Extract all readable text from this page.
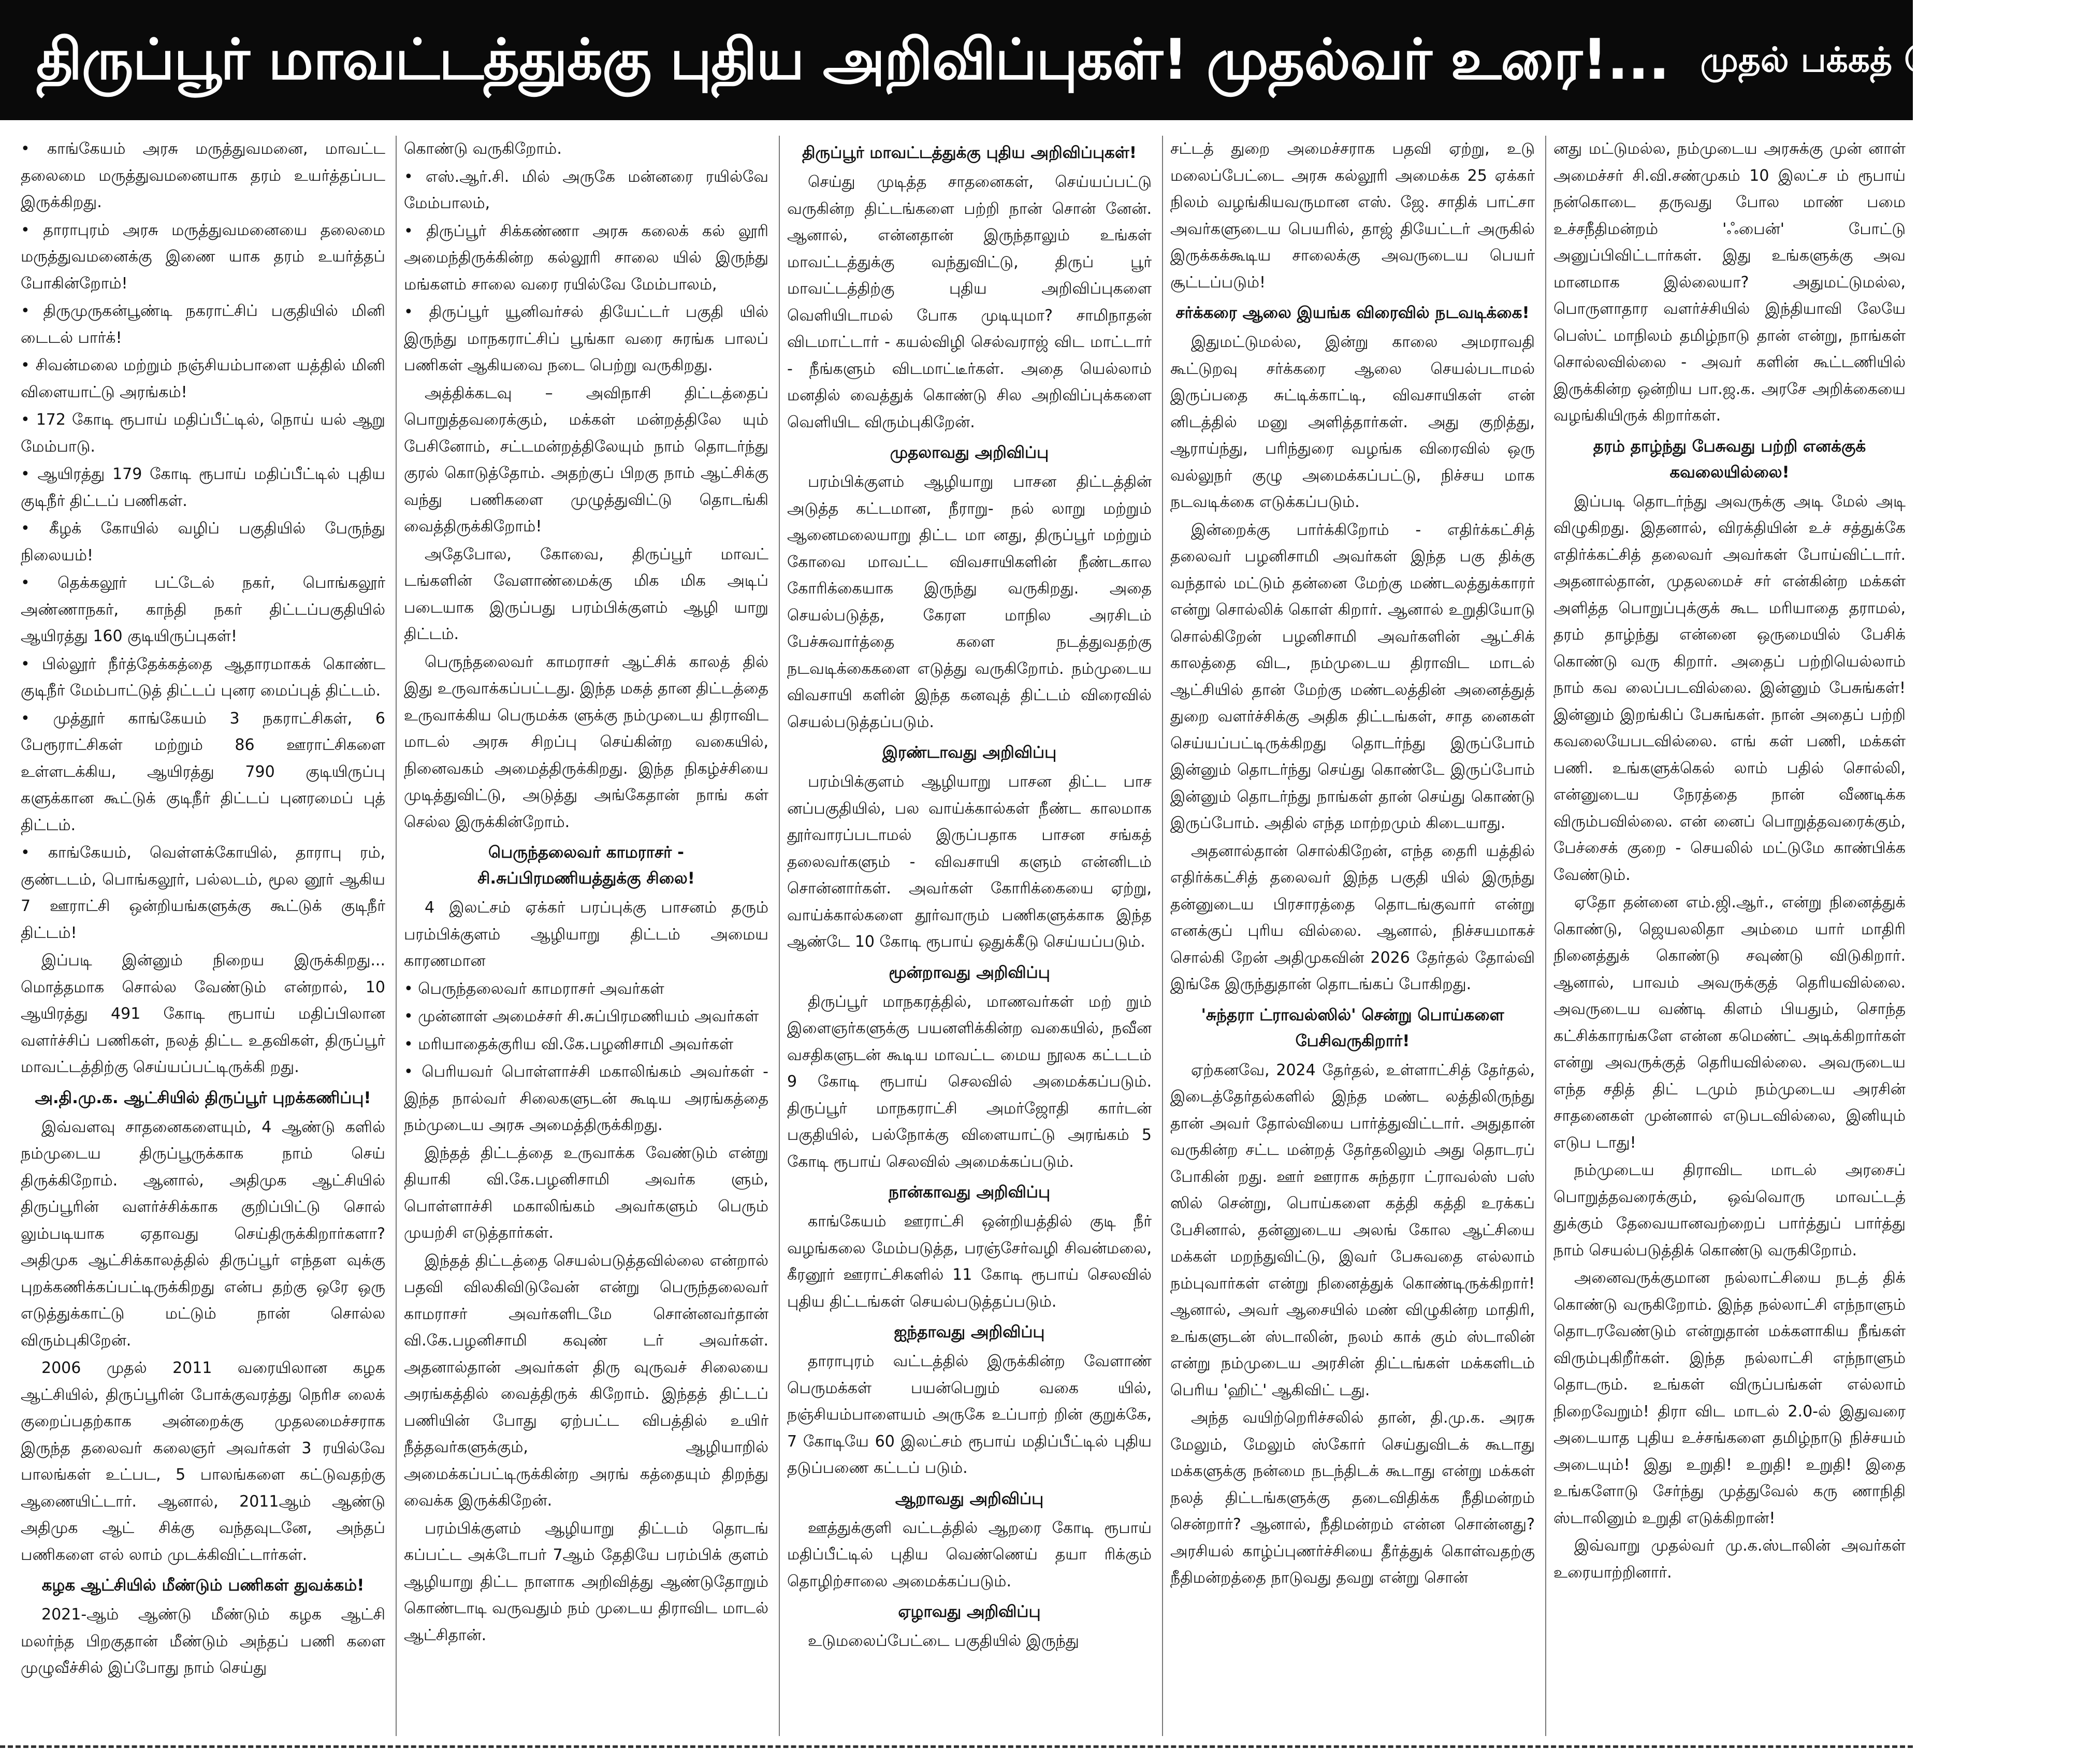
திருப்பூர் மாவட்டத்துக்கு புதிய அறிவிப்புகள்! முதல்வர் உரை!... முதல் பக்கத் தொடர்ச்சி!

• காங்கேயம் அரசு மருத்துவமனை, மாவட்ட தலைமை மருத்துவமனையாக தரம் உயர்த்தப்பட இருக்கிறது.

• தாராபுரம் அரசு மருத்துவமனையை தலைமை மருத்துவமனைக்கு இணை யாக தரம் உயர்த்தப் போகின்றோம்!

• திருமுருகன்பூண்டி நகராட்சிப் பகுதியில் மினி டைடல் பார்க்!

• சிவன்மலை மற்றும் நஞ்சியம்பாளை யத்தில் மினி விளையாட்டு அரங்கம்!

• 172 கோடி ரூபாய் மதிப்பீட்டில், நொய் யல் ஆறு மேம்பாடு.

• ஆயிரத்து 179 கோடி ரூபாய் மதிப்பீட்டில் புதிய குடிநீர் திட்டப் பணிகள்.

• கீழக் கோயில் வழிப் பகுதியில் பேருந்து நிலையம்!

• தெக்கலூர் பட்டேல் நகர், பொங்கலூர் அண்ணாநகர், காந்தி நகர் திட்டப்பகுதியில் ஆயிரத்து 160 குடியிருப்புகள்!

• பில்லூர் நீர்த்தேக்கத்தை ஆதாரமாகக் கொண்ட குடிநீர் மேம்பாட்டுத் திட்டப் புனர மைப்புத் திட்டம்.

• முத்தூர் காங்கேயம் 3 நகராட்சிகள், 6 பேரூராட்சிகள் மற்றும் 86 ஊராட்சிகளை உள்ளடக்கிய, ஆயிரத்து 790 குடியிருப்பு களுக்கான கூட்டுக் குடிநீர் திட்டப் புனரமைப் புத் திட்டம்.

• காங்கேயம், வெள்ளக்கோயில், தாராபு ரம், குண்டடம், பொங்கலூர், பல்லடம், மூல னூர் ஆகிய 7 ஊராட்சி ஒன்றியங்களுக்கு கூட்டுக் குடிநீர் திட்டம்!

இப்படி இன்னும் நிறைய இருக்கிறது... மொத்தமாக சொல்ல வேண்டும் என்றால், 10 ஆயிரத்து 491 கோடி ரூபாய் மதிப்பிலான வளர்ச்சிப் பணிகள், நலத் திட்ட உதவிகள், திருப்பூர் மாவட்டத்திற்கு செய்யப்பட்டிருக்கி றது.

அ.தி.மு.க. ஆட்சியில் திருப்பூர் புறக்கணிப்பு!

இவ்வளவு சாதனைகளையும், 4 ஆண்டு களில் நம்முடைய திருப்பூருக்காக நாம் செய் திருக்கிறோம். ஆனால், அதிமுக ஆட்சியில் திருப்பூரின் வளர்ச்சிக்காக குறிப்பிட்டு சொல் லும்படியாக ஏதாவது செய்திருக்கிறார்களா? அதிமுக ஆட்சிக்காலத்தில் திருப்பூர் எந்தள வுக்கு புறக்கணிக்கப்பட்டிருக்கிறது என்ப தற்கு ஒரே ஒரு எடுத்துக்காட்டு மட்டும் நான் சொல்ல விரும்புகிறேன்.

2006 முதல் 2011 வரையிலான கழக ஆட்சியில், திருப்பூரின் போக்குவரத்து நெரிச லைக் குறைப்பதற்காக அன்றைக்கு முதலமைச்சராக இருந்த தலைவர் கலைஞர் அவர்கள் 3 ரயில்வே பாலங்கள் உட்பட, 5 பாலங்களை கட்டுவதற்கு ஆணையிட்டார். ஆனால், 2011ஆம் ஆண்டு அதிமுக ஆட் சிக்கு வந்தவுடனே, அந்தப் பணிகளை எல் லாம் முடக்கிவிட்டார்கள்.

கழக ஆட்சியில் மீண்டும் பணிகள் துவக்கம்!

2021-ஆம் ஆண்டு மீண்டும் கழக ஆட்சி மலர்ந்த பிறகுதான் மீண்டும் அந்தப் பணி களை முழுவீச்சில் இப்போது நாம் செய்து

கொண்டு வருகிறோம்.

• எஸ்.ஆர்.சி. மில் அருகே மன்னரை ரயில்வே மேம்பாலம்,

• திருப்பூர் சிக்கண்ணா அரசு கலைக் கல் லூரி அமைந்திருக்கின்ற கல்லூரி சாலை யில் இருந்து மங்களம் சாலை வரை ரயில்வே மேம்பாலம்,

• திருப்பூர் யூனிவர்சல் தியேட்டர் பகுதி யில் இருந்து மாநகராட்சிப் பூங்கா வரை சுரங்க பாலப் பணிகள் ஆகியவை நடை பெற்று வருகிறது.

அத்திக்கடவு – அவிநாசி திட்டத்தைப் பொறுத்தவரைக்கும், மக்கள் மன்றத்திலே யும் பேசினோம், சட்டமன்றத்திலேயும் நாம் தொடர்ந்து குரல் கொடுத்தோம். அதற்குப் பிறகு நாம் ஆட்சிக்கு வந்து பணிகளை முழுத்துவிட்டு தொடங்கி வைத்திருக்கிறோம்!

அதேபோல, கோவை, திருப்பூர் மாவட் டங்களின் வேளாண்மைக்கு மிக மிக அடிப் படையாக இருப்பது பரம்பிக்குளம் ஆழி யாறு திட்டம்.

பெருந்தலைவர் காமராசர் ஆட்சிக் காலத் தில் இது உருவாக்கப்பட்டது. இந்த மகத் தான திட்டத்தை உருவாக்கிய பெருமக்க ளுக்கு நம்முடைய திராவிட மாடல் அரசு சிறப்பு செய்கின்ற வகையில், நினைவகம் அமைத்திருக்கிறது. இந்த நிகழ்ச்சியை முடித்துவிட்டு, அடுத்து அங்கேதான் நாங் கள் செல்ல இருக்கின்றோம்.

பெருந்தலைவர் காமராசர் - சி.சுப்பிரமணியத்துக்கு சிலை!

4 இலட்சம் ஏக்கர் பரப்புக்கு பாசனம் தரும் பரம்பிக்குளம் ஆழியாறு திட்டம் அமைய காரணமான

• பெருந்தலைவர் காமராசர் அவர்கள்

• முன்னாள் அமைச்சர் சி.சுப்பிரமணியம் அவர்கள்

• மரியாதைக்குரிய வி.கே.பழனிசாமி அவர்கள்

• பெரியவர் பொள்ளாச்சி மகாலிங்கம் அவர்கள் - இந்த நால்வர் சிலைகளுடன் கூடிய அரங்கத்தை நம்முடைய அரசு அமைத்திருக்கிறது.

இந்தத் திட்டத்தை உருவாக்க வேண்டும் என்று தியாகி வி.கே.பழனிசாமி அவர்க ளும், பொள்ளாச்சி மகாலிங்கம் அவர்களும் பெரும் முயற்சி எடுத்தார்கள்.

இந்தத் திட்டத்தை செயல்படுத்தவில்லை என்றால் பதவி விலகிவிடுவேன் என்று பெருந்தலைவர் காமராசர் அவர்களிடமே சொன்னவர்தான் வி.கே.பழனிசாமி கவுண் டர் அவர்கள். அதனால்தான் அவர்கள் திரு வுருவச் சிலையை அரங்கத்தில் வைத்திருக் கிறோம். இந்தத் திட்டப் பணியின் போது ஏற்பட்ட விபத்தில் உயிர் நீத்தவர்களுக்கும், ஆழியாறில் அமைக்கப்பட்டிருக்கின்ற அரங் கத்தையும் திறந்து வைக்க இருக்கிறேன்.

பரம்பிக்குளம் ஆழியாறு திட்டம் தொடங் கப்பட்ட அக்டோபர் 7ஆம் தேதியே பரம்பிக் குளம் ஆழியாறு திட்ட நாளாக அறிவித்து ஆண்டுதோறும் கொண்டாடி வருவதும் நம் முடைய திராவிட மாடல் ஆட்சிதான்.

திருப்பூர் மாவட்டத்துக்கு புதிய அறிவிப்புகள்!

செய்து முடித்த சாதனைகள், செய்யப்பட்டு வருகின்ற திட்டங்களை பற்றி நான் சொன் னேன். ஆனால், என்னதான் இருந்தாலும் உங்கள் மாவட்டத்துக்கு வந்துவிட்டு, திருப் பூர் மாவட்டத்திற்கு புதிய அறிவிப்புகளை வெளியிடாமல் போக முடியுமா? சாமிநாதன் விடமாட்டார் - கயல்விழி செல்வராஜ் விட மாட்டார் - நீங்களும் விடமாட்டீர்கள். அதை யெல்லாம் மனதில் வைத்துக் கொண்டு சில அறிவிப்புக்களை வெளியிட விரும்புகிறேன்.

முதலாவது அறிவிப்பு

பரம்பிக்குளம் ஆழியாறு பாசன திட்டத்தின் அடுத்த கட்டமான, நீராறு- நல் லாறு மற்றும் ஆனைமலையாறு திட்ட மா னது, திருப்பூர் மற்றும் கோவை மாவட்ட விவசாயிகளின் நீண்டகால கோரிக்கையாக இருந்து வருகிறது. அதை செயல்படுத்த, கேரள மாநில அரசிடம் பேச்சுவார்த்தை களை நடத்துவதற்கு நடவடிக்கைகளை எடுத்து வருகிறோம். நம்முடைய விவசாயி களின் இந்த கனவுத் திட்டம் விரைவில் செயல்படுத்தப்படும்.

இரண்டாவது அறிவிப்பு

பரம்பிக்குளம் ஆழியாறு பாசன திட்ட பாச னப்பகுதியில், பல வாய்க்கால்கள் நீண்ட காலமாக தூர்வாரப்படாமல் இருப்பதாக பாசன சங்கத் தலைவர்களும் - விவசாயி களும் என்னிடம் சொன்னார்கள். அவர்கள் கோரிக்கையை ஏற்று, வாய்க்கால்களை தூர்வாரும் பணிகளுக்காக இந்த ஆண்டே 10 கோடி ரூபாய் ஒதுக்கீடு செய்யப்படும்.

மூன்றாவது அறிவிப்பு

திருப்பூர் மாநகரத்தில், மாணவர்கள் மற் றும் இளைஞர்களுக்கு பயனளிக்கின்ற வகையில், நவீன வசதிகளுடன் கூடிய மாவட்ட மைய நூலக கட்டடம் 9 கோடி ரூபாய் செலவில் அமைக்கப்படும். திருப்பூர் மாநகராட்சி அமர்ஜோதி கார்டன் பகுதியில், பல்நோக்கு விளையாட்டு அரங்கம் 5 கோடி ரூபாய் செலவில் அமைக்கப்படும்.

நான்காவது அறிவிப்பு

காங்கேயம் ஊராட்சி ஒன்றியத்தில் குடி நீர் வழங்கலை மேம்படுத்த, பரஞ்சேர்வழி சிவன்மலை, கீரனூர் ஊராட்சிகளில் 11 கோடி ரூபாய் செலவில் புதிய திட்டங்கள் செயல்படுத்தப்படும்.

ஐந்தாவது அறிவிப்பு

தாராபுரம் வட்டத்தில் இருக்கின்ற வேளாண் பெருமக்கள் பயன்பெறும் வகை யில், நஞ்சியம்பாளையம் அருகே உப்பாற் றின் குறுக்கே, 7 கோடியே 60 இலட்சம் ரூபாய் மதிப்பீட்டில் புதிய தடுப்பணை கட்டப் படும்.

ஆறாவது அறிவிப்பு

ஊத்துக்குளி வட்டத்தில் ஆறரை கோடி ரூபாய் மதிப்பீட்டில் புதிய வெண்ணெய் தயா ரிக்கும் தொழிற்சாலை அமைக்கப்படும்.

ஏழாவது அறிவிப்பு

உடுமலைப்பேட்டை பகுதியில் இருந்து

சட்டத் துறை அமைச்சராக பதவி ஏற்று, உடு மலைப்பேட்டை அரசு கல்லூரி அமைக்க 25 ஏக்கர் நிலம் வழங்கியவருமான எஸ். ஜே. சாதிக் பாட்சா அவர்களுடைய பெயரில், தாஜ் தியேட்டர் அருகில் இருக்கக்கூடிய சாலைக்கு அவருடைய பெயர் சூட்டப்படும்!

சர்க்கரை ஆலை இயங்க விரைவில் நடவடிக்கை!

இதுமட்டுமல்ல, இன்று காலை அமராவதி கூட்டுறவு சர்க்கரை ஆலை செயல்படாமல் இருப்பதை சுட்டிக்காட்டி, விவசாயிகள் என் னிடத்தில் மனு அளித்தார்கள். அது குறித்து, ஆராய்ந்து, பரிந்துரை வழங்க விரைவில் ஒரு வல்லுநர் குழு அமைக்கப்பட்டு, நிச்சய மாக நடவடிக்கை எடுக்கப்படும்.

இன்றைக்கு பார்க்கிறோம் - எதிர்க்கட்சித் தலைவர் பழனிசாமி அவர்கள் இந்த பகு திக்கு வந்தால் மட்டும் தன்னை மேற்கு மண்டலத்துக்காரர் என்று சொல்லிக் கொள் கிறார். ஆனால் உறுதியோடு சொல்கிறேன் பழனிசாமி அவர்களின் ஆட்சிக் காலத்தை விட, நம்முடைய திராவிட மாடல் ஆட்சியில் தான் மேற்கு மண்டலத்தின் அனைத்துத் துறை வளர்ச்சிக்கு அதிக திட்டங்கள், சாத னைகள் செய்யப்பட்டிருக்கிறது தொடர்ந்து இருப்போம் இன்னும் தொடர்ந்து செய்து கொண்டே இருப்போம் இன்னும் தொடர்ந்து நாங்கள் தான் செய்து கொண்டு இருப்போம். அதில் எந்த மாற்றமும் கிடையாது.

அதனால்தான் சொல்கிறேன், எந்த தைரி யத்தில் எதிர்க்கட்சித் தலைவர் இந்த பகுதி யில் இருந்து தன்னுடைய பிரசாரத்தை தொடங்குவார் என்று எனக்குப் புரிய வில்லை. ஆனால், நிச்சயமாகச் சொல்கி றேன் அதிமுகவின் 2026 தேர்தல் தோல்வி இங்கே இருந்துதான் தொடங்கப் போகிறது.

'சுந்தரா ட்ராவல்ஸில்' சென்று பொய்களை பேசிவருகிறார்!

ஏற்கனவே, 2024 தேர்தல், உள்ளாட்சித் தேர்தல், இடைத்தேர்தல்களில் இந்த மண்ட லத்திலிருந்து தான் அவர் தோல்வியை பார்த்துவிட்டார். அதுதான் வருகின்ற சட்ட மன்றத் தேர்தலிலும் அது தொடரப் போகின் றது. ஊர் ஊராக சுந்தரா ட்ராவல்ஸ் பஸ் ஸில் சென்று, பொய்களை கத்தி கத்தி உரக்கப் பேசினால், தன்னுடைய அலங் கோல ஆட்சியை மக்கள் மறந்துவிட்டு, இவர் பேசுவதை எல்லாம் நம்புவார்கள் என்று நினைத்துக் கொண்டிருக்கிறார்! ஆனால், அவர் ஆசையில் மண் விழுகின்ற மாதிரி, உங்களுடன் ஸ்டாலின், நலம் காக் கும் ஸ்டாலின் என்று நம்முடைய அரசின் திட்டங்கள் மக்களிடம் பெரிய 'ஹிட்' ஆகிவிட் டது.

அந்த வயிற்றெரிச்சலில் தான், தி.மு.க. அரசு மேலும், மேலும் ஸ்கோர் செய்துவிடக் கூடாது மக்களுக்கு நன்மை நடந்திடக் கூடாது என்று மக்கள் நலத் திட்டங்களுக்கு தடைவிதிக்க நீதிமன்றம் சென்றார்? ஆனால், நீதிமன்றம் என்ன சொன்னது? அரசியல் காழ்ப்புணர்ச்சியை தீர்த்துக் கொள்வதற்கு நீதிமன்றத்தை நாடுவது தவறு என்று சொன்

னது மட்டுமல்ல, நம்முடைய அரசுக்கு முன் னாள் அமைச்சர் சி.வி.சண்முகம் 10 இலட்ச ம் ரூபாய் நன்கொடை தருவது போல மாண் பமை உச்சநீதிமன்றம் 'ஃபைன்' போட்டு அனுப்பிவிட்டார்கள். இது உங்களுக்கு அவ மானமாக இல்லையா? அதுமட்டுமல்ல, பொருளாதார வளர்ச்சியில் இந்தியாவி லேயே பெஸ்ட் மாநிலம் தமிழ்நாடு தான் என்று, நாங்கள் சொல்லவில்லை - அவர் களின் கூட்டணியில் இருக்கின்ற ஒன்றிய பா.ஜ.க. அரசே அறிக்கையை வழங்கியிருக் கிறார்கள்.

தரம் தாழ்ந்து பேசுவது பற்றி எனக்குக் கவலையில்லை!

இப்படி தொடர்ந்து அவருக்கு அடி மேல் அடி விழுகிறது. இதனால், விரக்தியின் உச் சத்துக்கே எதிர்க்கட்சித் தலைவர் அவர்கள் போய்விட்டார். அதனால்தான், முதலமைச் சர் என்கின்ற மக்கள் அளித்த பொறுப்புக்குக் கூட மரியாதை தராமல், தரம் தாழ்ந்து என்னை ஒருமையில் பேசிக் கொண்டு வரு கிறார். அதைப் பற்றியெல்லாம் நாம் கவ லைப்படவில்லை. இன்னும் பேசுங்கள்! இன்னும் இறங்கிப் பேசுங்கள். நான் அதைப் பற்றி கவலையேபடவில்லை. எங் கள் பணி, மக்கள் பணி. உங்களுக்கெல் லாம் பதில் சொல்லி, என்னுடைய நேரத்தை நான் வீணடிக்க விரும்பவில்லை. என் னைப் பொறுத்தவரைக்கும், பேச்சைக் குறை - செயலில் மட்டுமே காண்பிக்க வேண்டும்.

ஏதோ தன்னை எம்.ஜி.ஆர்., என்று நினைத்துக் கொண்டு, ஜெயலலிதா அம்மை யார் மாதிரி நினைத்துக் கொண்டு சவுண்டு விடுகிறார். ஆனால், பாவம் அவருக்குத் தெரியவில்லை. அவருடைய வண்டி கிளம் பியதும், சொந்த கட்சிக்காரங்களே என்ன கமெண்ட் அடிக்கிறார்கள் என்று அவருக்குத் தெரியவில்லை. அவருடைய எந்த சதித் திட் டமும் நம்முடைய அரசின் சாதனைகள் முன்னால் எடுபடவில்லை, இனியும் எடுப டாது!

நம்முடைய திராவிட மாடல் அரசைப் பொறுத்தவரைக்கும், ஒவ்வொரு மாவட்டத் துக்கும் தேவையானவற்றைப் பார்த்துப் பார்த்து நாம் செயல்படுத்திக் கொண்டு வருகிறோம்.

அனைவருக்குமான நல்லாட்சியை நடத் திக் கொண்டு வருகிறோம். இந்த நல்லாட்சி எந்நாளும் தொடரவேண்டும் என்றுதான் மக்களாகிய நீங்கள் விரும்புகிறீர்கள். இந்த நல்லாட்சி எந்நாளும் தொடரும். உங்கள் விருப்பங்கள் எல்லாம் நிறைவேறும்! திரா விட மாடல் 2.0-ல் இதுவரை அடையாத புதிய உச்சங்களை தமிழ்நாடு நிச்சயம் அடையும்! இது உறுதி! உறுதி! உறுதி! இதை உங்களோடு சேர்ந்து முத்துவேல் கரு ணாநிதி ஸ்டாலினும் உறுதி எடுக்கிறான்!

இவ்வாறு முதல்வர் மு.க.ஸ்டாலின் அவர்கள் உரையாற்றினார்.
